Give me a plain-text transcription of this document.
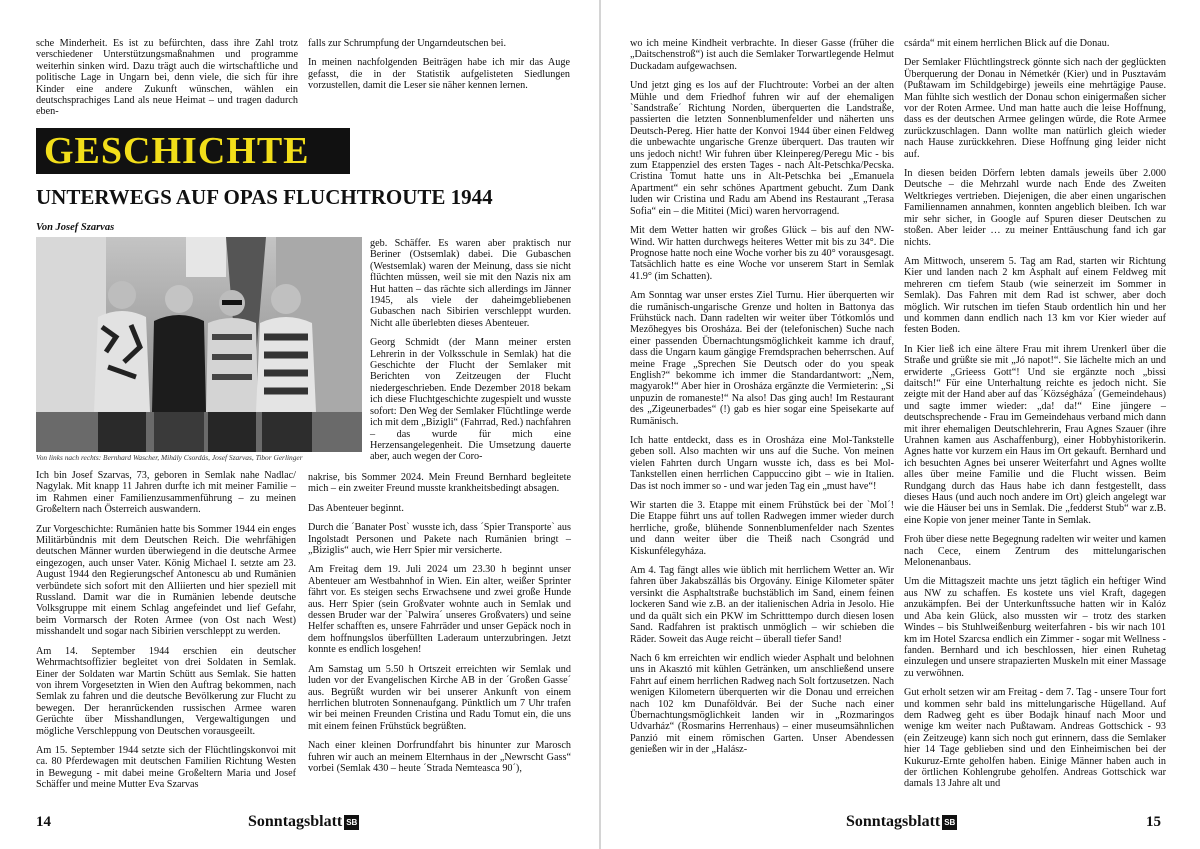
sche Minderheit. Es ist zu befürchten, dass ihre Zahl trotz verschiedener Unterstützungsmaßnahmen und programme weiterhin sinken wird. Dazu trägt auch die wirtschaftliche und politische Lage in Ungarn bei, denn viele, die sich für ihre Kinder eine andere Zukunft wünschen, wählen ein deutschsprachiges Land als neue Heimat – und tragen dadurch eben-

falls zur Schrumpfung der Ungarndeutschen bei.

In meinen nachfolgenden Beiträgen habe ich mir das Auge gefasst, die in der Statistik aufgelisteten Siedlungen vorzustellen, damit die Leser sie näher kennen lernen.

GESCHICHTE
UNTERWEGS AUF OPAS FLUCHTROUTE 1944
Von Josef Szarvas
Von links nach rechts: Bernhard Wascher, Mihály Csordás, Josef Szarvas, Tibor Gerlinger

Ich bin Josef Szarvas, 73, geboren in Semlak nahe Nadlac/ Nagylak. Mit knapp 11 Jahren durfte ich mit meiner Familie – im Rahmen einer Familienzusammenführung – zu meinen Großeltern nach Österreich auswandern.

Zur Vorgeschichte: Rumänien hatte bis Sommer 1944 ein enges Militärbündnis mit dem Deutschen Reich. Die wehrfähigen deutschen Männer wurden überwiegend in die deutsche Armee eingezogen, auch unser Vater. König Michael I. setzte am 23. August 1944 den Regierungschef Antonescu ab und Rumänien verbündete sich sofort mit den Alliierten und hier speziell mit Russland. Damit war die in Rumänien lebende deutsche Volksgruppe mit einem Schlag angefeindet und lief Gefahr, beim Vormarsch der Roten Armee (von Ost nach West) misshandelt und sogar nach Sibirien verschleppt zu werden.

Am 14. September 1944 erschien ein deutscher Wehrmachtsoffizier begleitet von drei Soldaten in Semlak. Einer der Soldaten war Martin Schütt aus Semlak. Sie hatten von ihrem Vorgesetzten in Wien den Auftrag bekommen, nach Semlak zu fahren und die deutsche Bevölkerung zur Flucht zu bewegen. Der heranrückenden russischen Armee waren Gerüchte über Misshandlungen, Vergewaltigungen und mögliche Verschleppung von Deutschen vorausgeeilt.

Am 15. September 1944 setzte sich der Flüchtlingskonvoi mit ca. 80 Pferdewagen mit deutschen Familien Richtung Westen in Bewegung - mit dabei meine Großeltern Maria und Josef Schäffer und meine Mutter Eva Szarvas

geb. Schäffer. Es waren aber praktisch nur Beriner (Ostsemlak) dabei. Die Gubaschen (Westsemlak) waren der Meinung, dass sie nicht flüchten müssen, weil sie mit den Nazis nix am Hut hatten – das rächte sich allerdings im Jänner 1945, als viele der daheimgebliebenen Gubaschen nach Sibirien verschleppt wurden. Nicht alle überlebten dieses Abenteuer.

Georg Schmidt (der Mann meiner ersten Lehrerin in der Volksschule in Semlak) hat die Geschichte der Flucht der Semlaker mit Berichten von Zeitzeugen der Flucht niedergeschrieben. Ende Dezember 2018 bekam ich diese Fluchtgeschichte zugespielt und wusste sofort: Den Weg der Semlaker Flüchtlinge werde ich mit dem „Bizigli“ (Fahrrad, Red.) nachfahren – das wurde für mich eine Herzensangelegenheit. Die Umsetzung dauerte aber, auch wegen der Coro-

nakrise, bis Sommer 2024. Mein Freund Bernhard begleitete mich – ein zweiter Freund musste krankheitsbedingt absagen.

Das Abenteuer beginnt.

Durch die ´Banater Post` wusste ich, dass ´Spier Transporte` aus Ingolstadt Personen und Pakete nach Rumänien bringt – „Biziglis“ auch, wie Herr Spier mir versicherte.

Am Freitag dem 19. Juli 2024 um 23.30 h beginnt unser Abenteuer am Westbahnhof in Wien. Ein alter, weißer Sprinter fährt vor. Es steigen sechs Erwachsene und zwei große Hunde aus. Herr Spier (sein Großvater wohnte auch in Semlak und dessen Bruder war der `Palwira´ unseres Großvaters) und seine Helfer schafften es, unsere Fahrräder und unser Gepäck noch in dem hoffnungslos überfüllten Laderaum unterzubringen. Jetzt konnte es endlich losgehen!

Am Samstag um 5.50 h Ortszeit erreichten wir Semlak und luden vor der Evangelischen Kirche AB in der ´Großen Gasse´ aus. Begrüßt wurden wir bei unserer Ankunft von einem herrlichen blutroten Sonnenaufgang. Pünktlich um 7 Uhr trafen wir bei meinen Freunden Cristina und Radu Tomut ein, die uns mit einem feinen Frühstück begrüßten.

Nach einer kleinen Dorfrundfahrt bis hinunter zur Marosch fuhren wir auch an meinem Elternhaus in der „Newrscht Gass“ vorbei (Semlak 430 – heute ´Strada Nemteasca 90´),

14	Sonntagsblatt SB

wo ich meine Kindheit verbrachte. In dieser Gasse (früher die „Daitschenstroß“) ist auch die Semlaker Torwartlegende Helmut Duckadam aufgewachsen.

Und jetzt ging es los auf der Fluchtroute: Vorbei an der alten Mühle und dem Friedhof fuhren wir auf der ehemaligen `Sandstraße´ Richtung Norden, überquerten die Landstraße, passierten die letzten Sonnenblumenfelder und näherten uns Deutsch-Pereg. Hier hatte der Konvoi 1944 über einen Feldweg die unbewachte ungarische Grenze überquert. Das trauten wir uns jedoch nicht! Wir fuhren über Kleinpereg/Peregu Mic - bis zum Etappenziel des ersten Tages - nach Alt-Petschka/Pecska. Cristina Tomut hatte uns in Alt-Petschka bei „Emanuela Apartment“ ein sehr schönes Apartment gebucht. Zum Dank luden wir Cristina und Radu am Abend ins Restaurant „Terasa Sofia“ ein – die Mititei (Mici) waren hervorragend.

Mit dem Wetter hatten wir großes Glück – bis auf den NW-Wind. Wir hatten durchwegs heiteres Wetter mit bis zu 34°. Die Prognose hatte noch eine Woche vorher bis zu 40° vorausgesagt. Tatsächlich hatte es eine Woche vor unserem Start in Semlak 41.9° (im Schatten).

Am Sonntag war unser erstes Ziel Turnu. Hier überquerten wir die rumänisch-ungarische Grenze und holten in Battonya das Frühstück nach. Dann radelten wir weiter über Tótkomlós und Mezőhegyes bis Orosháza. Bei der (telefonischen) Suche nach einer passenden Übernachtungsmöglichkeit kamme ich drauf, dass die Ungarn kaum gängige Fremdsprachen beherrschen. Auf meine Frage „Sprechen Sie Deutsch oder do you speak English?“ bekomme ich immer die Standardantwort: „Nem, magyarok!“ Aber hier in Orosháza ergänzte die Vermieterin: „Si unpuzin de romaneste!“ Na also! Das ging auch! Im Restaurant des „Zigeunerbades“ (!) gab es hier sogar eine Speisekarte auf Rumänisch.

Ich hatte entdeckt, dass es in Orosháza eine Mol-Tankstelle geben soll. Also machten wir uns auf die Suche. Von meinen vielen Fahrten durch Ungarn wusste ich, dass es bei Mol-Tankstellen einen herrlichen Cappuccino gibt – wie in Italien. Das ist noch immer so - und war jeden Tag ein „must have“!

Wir starten die 3. Etappe mit einem Frühstück bei der `Mol´! Die Etappe führt uns auf tollen Radwegen immer wieder durch herrliche, große, blühende Sonnenblumenfelder nach Szentes und dann weiter über die Theiß nach Csongrád und Kiskunfélegyháza.

Am 4. Tag fängt alles wie üblich mit herrlichem Wetter an. Wir fahren über Jakabszállás bis Orgovány. Einige Kilometer später versinkt die Asphaltstraße buchstäblich im Sand, einem feinen lockeren Sand wie z.B. an der italienischen Adria in Jesolo. Hie und da quält sich ein PKW im Schritttempo durch diesen losen Sand. Radfahren ist praktisch unmöglich – wir schieben die Räder. Soweit das Auge reicht – überall tiefer Sand!

Nach 6 km erreichten wir endlich wieder Asphalt und belohnen uns in Akasztó mit kühlen Getränken, um anschließend unsere Fahrt auf einem herrlichen Radweg nach Solt fortzusetzen. Nach wenigen Kilometern überquerten wir die Donau und erreichen nach 102 km Dunaföldvár. Bei der Suche nach einer Übernachtungsmöglichkeit landen wir in „Rozmaringos Udvarház“ (Rosmarins Herrenhaus) – einer museumsähnlichen Panzió mit einem römischen Garten. Unser Abendessen genießen wir in der „Halász-

csárda“ mit einem herrlichen Blick auf die Donau.

Der Semlaker Flüchtlingstreck gönnte sich nach der geglückten Überquerung der Donau in Németkér (Kier) und in Pusztavám (Pußtawam im Schildgebirge) jeweils eine mehrtägige Pause. Man fühlte sich westlich der Donau schon einigermaßen sicher vor der Roten Armee. Und man hatte auch die leise Hoffnung, dass es der deutschen Armee gelingen würde, die Rote Armee zurückzuschlagen. Dann wollte man natürlich gleich wieder nach Hause zurückkehren. Diese Hoffnung ging leider nicht auf.

In diesen beiden Dörfern lebten damals jeweils über 2.000 Deutsche – die Mehrzahl wurde nach Ende des Zweiten Weltkrieges vertrieben. Diejenigen, die aber einen ungarischen Familiennamen annahmen, konnten angeblich bleiben. Ich war mir sehr sicher, in Google auf Spuren dieser Deutschen zu stoßen. Aber leider … zu meiner Enttäuschung fand ich gar nichts.

Am Mittwoch, unserem 5. Tag am Rad, starten wir Richtung Kier und landen nach 2 km Asphalt auf einem Feldweg mit mehreren cm tiefem Staub (wie seinerzeit im Sommer in Semlak). Das Fahren mit dem Rad ist schwer, aber doch möglich. Wir rutschen im tiefen Staub ordentlich hin und her und kommen dann endlich nach 13 km vor Kier wieder auf festen Boden.

In Kier ließ ich eine ältere Frau mit ihrem Urenkerl über die Straße und grüßte sie mit „Jó napot!“. Sie lächelte mich an und erwiderte „Grieess Gott“! Und sie ergänzte noch „bissi daitsch!“ Für eine Unterhaltung reichte es jedoch nicht. Sie zeigte mit der Hand aber auf das ´Községháza´ (Gemeindehaus) und sagte immer wieder: „da! da!“ Eine jüngere – deutschsprechende - Frau im Gemeindehaus verband mich dann mit ihrer ehemaligen Deutschlehrerin, Frau Agnes Szauer (ihre Urahnen kamen aus Aschaffenburg), einer Hobbyhistorikerin. Agnes hatte vor kurzem ein Haus im Ort gekauft. Bernhard und ich besuchten Agnes bei unserer Weiterfahrt und Agnes wollte alles über meine Familie und die Flucht wissen. Beim Rundgang durch das Haus habe ich dann festgestellt, dass dieses Haus (und auch noch andere im Ort) gleich angelegt war wie die Häuser bei uns in Semlak. Die „fedderst Stub“ war z.B. eine Kopie von jener meiner Tante in Semlak.

Froh über diese nette Begegnung radelten wir weiter und kamen nach Cece, einem Zentrum des mittelungarischen Melonenanbaus.

Um die Mittagszeit machte uns jetzt täglich ein heftiger Wind aus NW zu schaffen. Es kostete uns viel Kraft, dagegen anzukämpfen. Bei der Unterkunftssuche hatten wir in Kalóz und Aba kein Glück, also mussten wir – trotz des starken Windes – bis Stuhlweißenburg weiterfahren - bis wir nach 101 km im Hotel Szarcsa endlich ein Zimmer - sogar mit Wellness - fanden. Bernhard und ich beschlossen, hier einen Ruhetag einzulegen und unsere strapazierten Muskeln mit einer Massage zu verwöhnen.

Gut erholt setzen wir am Freitag - dem 7. Tag - unsere Tour fort und kommen sehr bald ins mittelungarische Hügelland. Auf dem Radweg geht es über Bodajk hinauf nach Moor und wenige km weiter nach Pußtawam. Andreas Gottschick - 93 (ein Zeitzeuge) kann sich noch gut erinnern, dass die Semlaker hier 14 Tage geblieben sind und den Einheimischen bei der Kukuruz-Ernte geholfen haben. Einige Männer haben auch in der örtlichen Kohlengrube geholfen. Andreas Gottschick war damals 13 Jahre alt und

Sonntagsblatt SB	15
